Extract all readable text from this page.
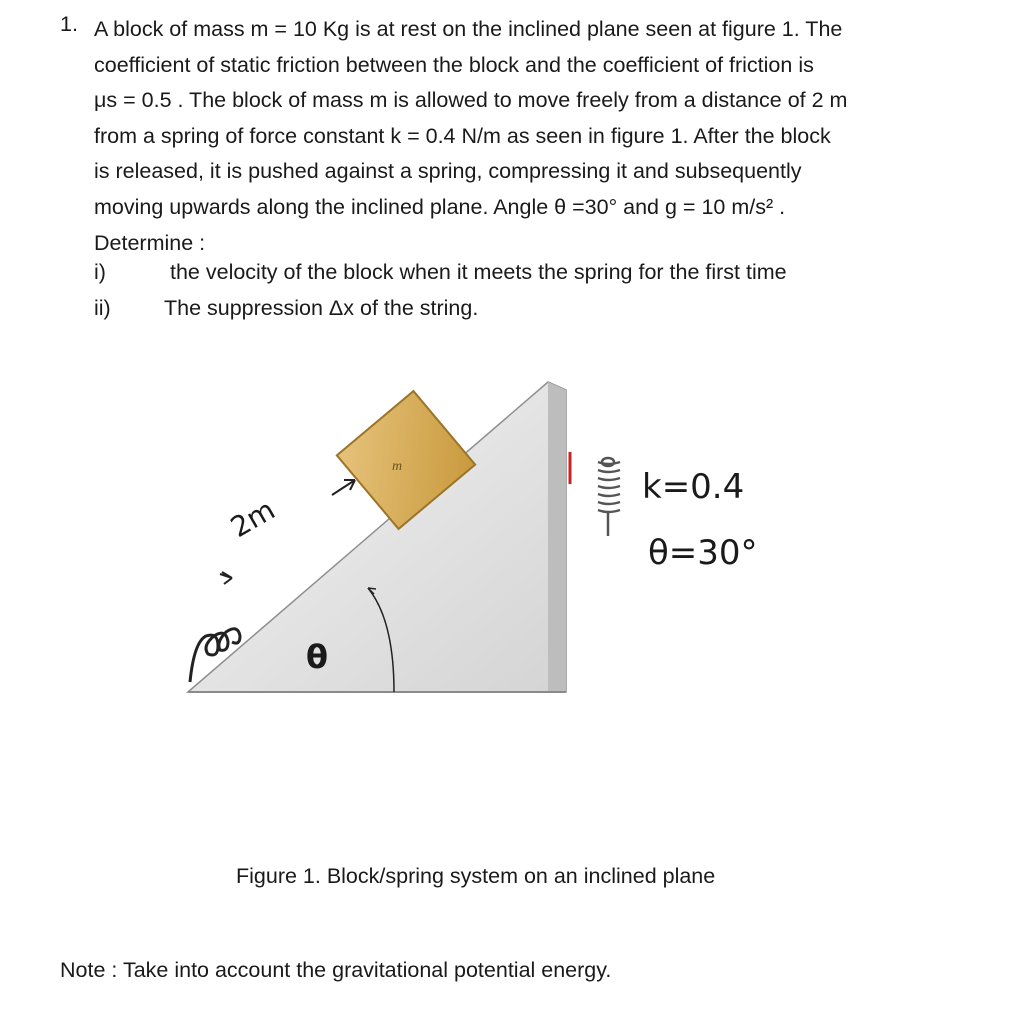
1. A block of mass m = 10 Kg is at rest on the inclined plane seen at figure 1. The

coefficient of static friction between the block and the coefficient of friction is

μs = 0.5 . The block of mass m is allowed to move freely from a distance of 2 m

from a spring of force constant k = 0.4 N/m as seen in figure 1. After the block

is released, it is pushed against a spring, compressing it and subsequently

moving upwards along the inclined plane. Angle θ =30° and g = 10 m/s² .

Determine :

i)	the velocity of the block when it meets the spring for the first time
ii) The suppression Δx of the string.
m
2m
θ
k=0.4
θ=30°
Figure 1. Block/spring system on an inclined plane
Note : Take into account the gravitational potential energy.
